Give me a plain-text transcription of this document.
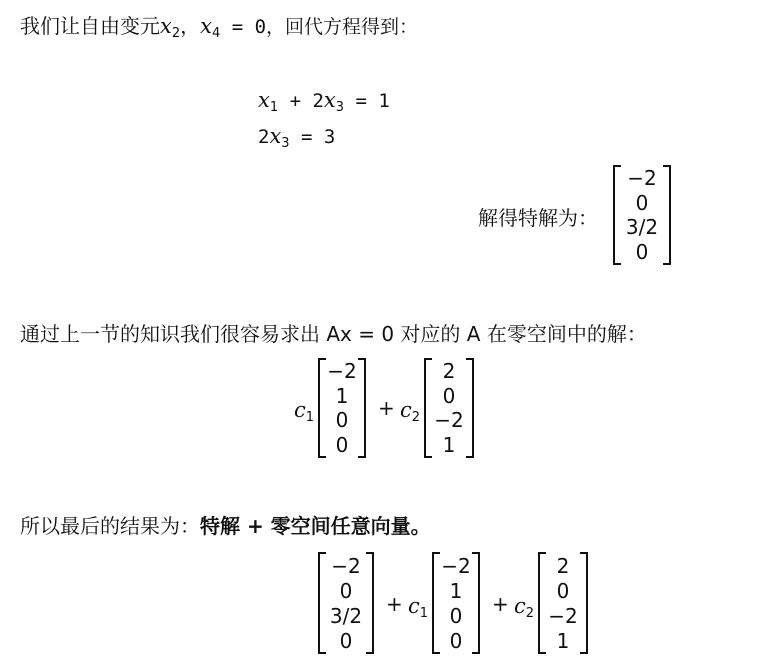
我们让自由变元$x_2$，$x_4 = 0$，回代方程得到：
$x_1 + 2x_3 = 1$
$2x_3 = 3$
解得特解为：
−2
0
3/2
0
通过上一节的知识我们很容易求出 Ax = 0 对应的 A 在零空间中的解：
$c_1$
−2
1
0
0
+ $c_2$
2
0
−2
1
所以最后的结果为：特解 + 零空间任意向量。
−2
0
3/2
0
+ $c_1$
−2
1
0
0
+ $c_2$
2
0
−2
1
